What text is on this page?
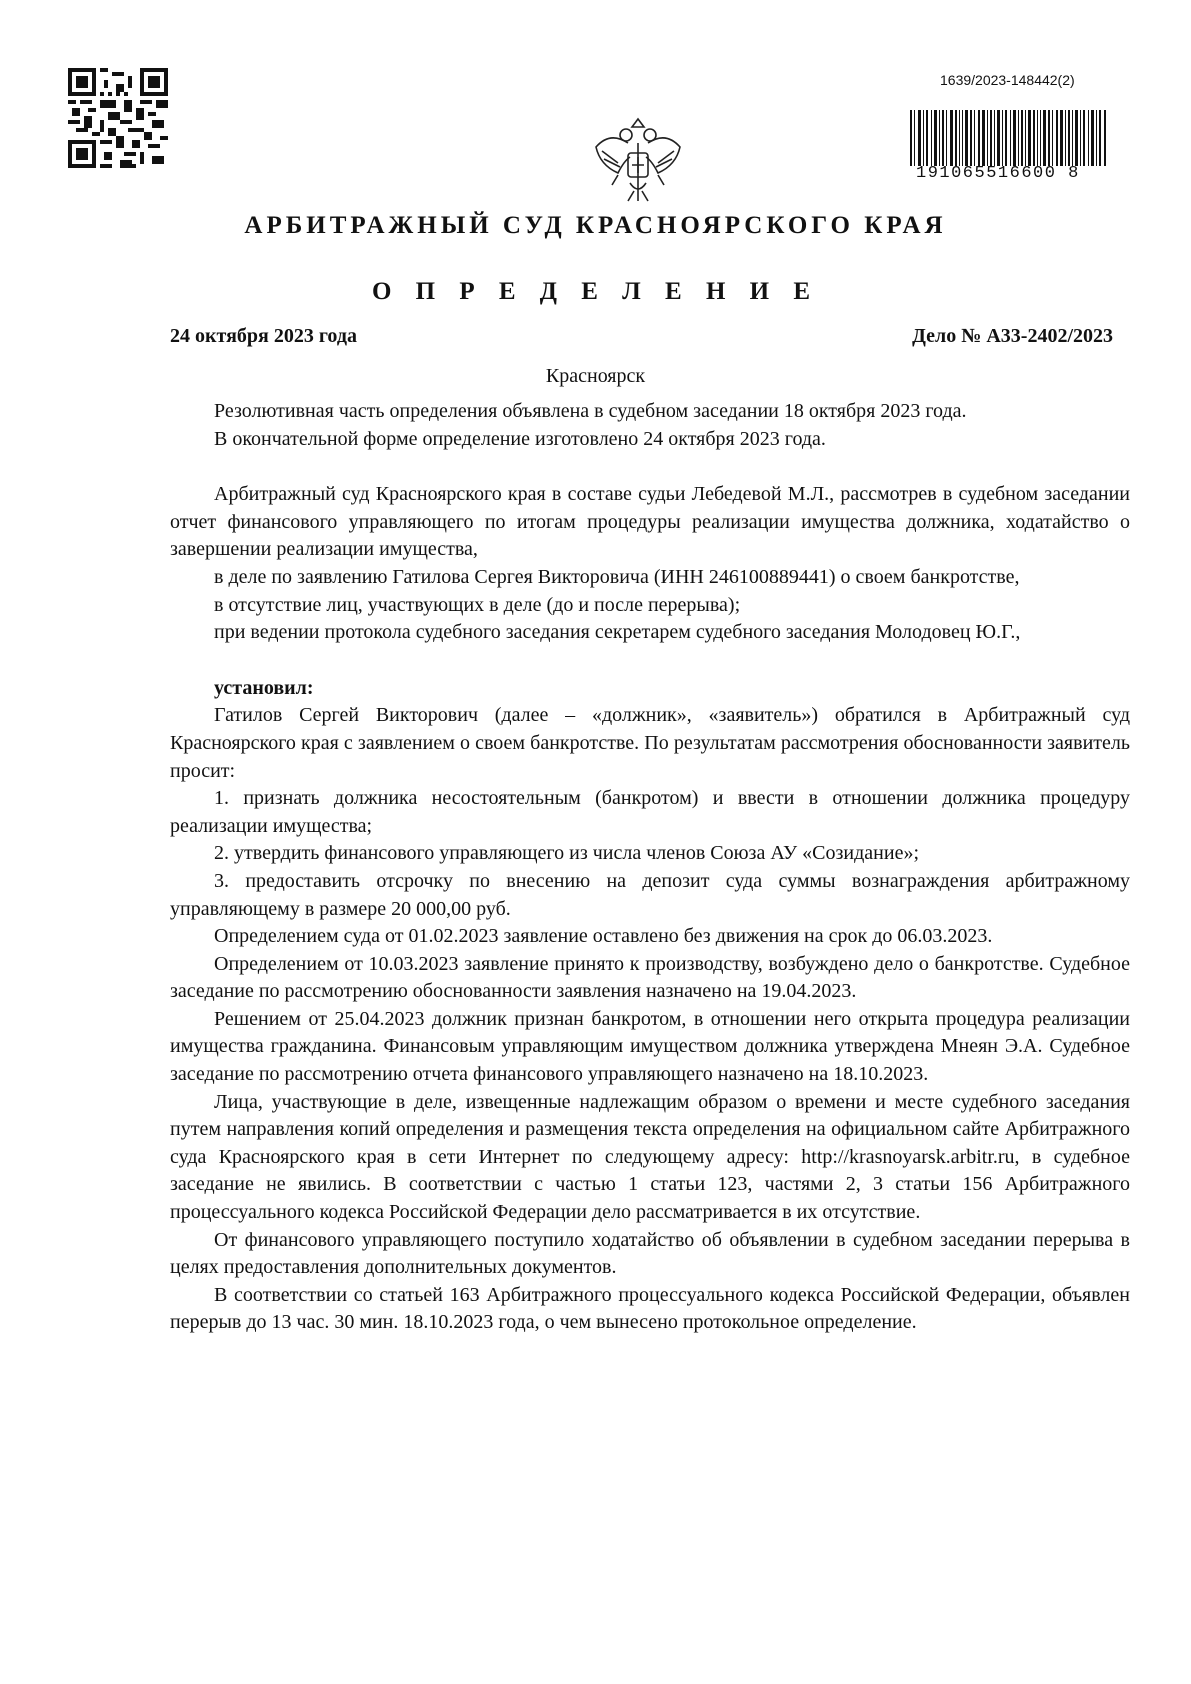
1639/2023-148442(2)
191065516600 8
АРБИТРАЖНЫЙ СУД КРАСНОЯРСКОГО КРАЯ
О П Р Е Д Е Л Е Н И Е
24 октября 2023 года	Дело № А33-2402/2023
Красноярск

Резолютивная часть определения объявлена в судебном заседании 18 октября 2023 года.

В окончательной форме определение изготовлено 24 октября 2023 года.

Арбитражный суд Красноярского края в составе судьи Лебедевой М.Л., рассмотрев в судебном заседании отчет финансового управляющего по итогам процедуры реализации имущества должника, ходатайство о завершении реализации имущества,

в деле по заявлению Гатилова Сергея Викторовича (ИНН 246100889441) о своем банкротстве,

в отсутствие лиц, участвующих в деле (до и после перерыва);

при ведении протокола судебного заседания секретарем судебного заседания Молодовец Ю.Г.,

установил:

Гатилов Сергей Викторович (далее – «должник», «заявитель») обратился в Арбитражный суд Красноярского края с заявлением о своем банкротстве. По результатам рассмотрения обоснованности заявитель просит:

1. признать должника несостоятельным (банкротом) и ввести в отношении должника процедуру реализации имущества;

2. утвердить финансового управляющего из числа членов Союза АУ «Созидание»;

3. предоставить отсрочку по внесению на депозит суда суммы вознаграждения арбитражному управляющему в размере 20 000,00 руб.

Определением суда от 01.02.2023 заявление оставлено без движения на срок до 06.03.2023.

Определением от 10.03.2023 заявление принято к производству, возбуждено дело о банкротстве. Судебное заседание по рассмотрению обоснованности заявления назначено на 19.04.2023.

Решением от 25.04.2023 должник признан банкротом, в отношении него открыта процедура реализации имущества гражданина. Финансовым управляющим имуществом должника утверждена Мнеян Э.А. Судебное заседание по рассмотрению отчета финансового управляющего назначено на 18.10.2023.

Лица, участвующие в деле, извещенные надлежащим образом о времени и месте судебного заседания путем направления копий определения и размещения текста определения на официальном сайте Арбитражного суда Красноярского края в сети Интернет по следующему адресу: http://krasnoyarsk.arbitr.ru, в судебное заседание не явились. В соответствии с частью 1 статьи 123, частями 2, 3 статьи 156 Арбитражного процессуального кодекса Российской Федерации дело рассматривается в их отсутствие.

От финансового управляющего поступило ходатайство об объявлении в судебном заседании перерыва в целях предоставления дополнительных документов.

В соответствии со статьей 163 Арбитражного процессуального кодекса Российской Федерации, объявлен перерыв до 13 час. 30 мин. 18.10.2023 года, о чем вынесено протокольное определение.
